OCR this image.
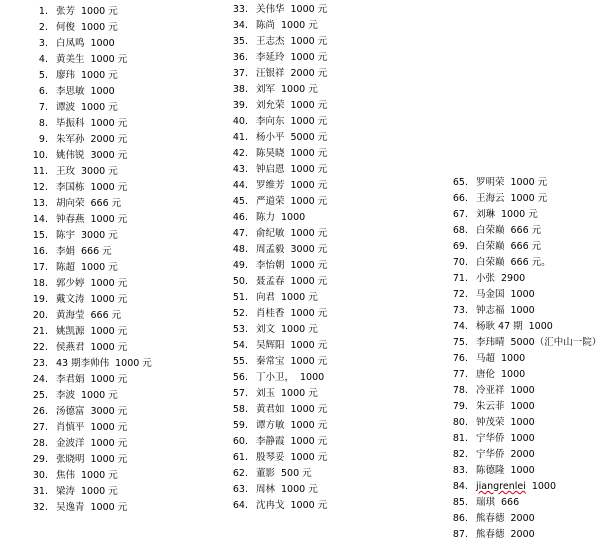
1. 张芳 1000 元
2. 何俊 1000 元
3. 白凤鸣 1000
4. 黄美生 1000 元
5. 廖玮 1000 元
6. 李思敏 1000
7. 谭波 1000 元
8. 毕振科 1000 元
9. 朱军孙 2000 元
10. 姚伟锐 3000 元
11. 王玫 3000 元
12. 李国栋 1000 元
13. 胡向荣 666 元
14. 钟春燕 1000 元
15. 陈宇 3000 元
16. 李娟 666 元
17. 陈超 1000 元
18. 郭少婷 1000 元
19. 戴文涛 1000 元
20. 黄海莹 666 元
21. 姚凯源 1000 元
22. 侯燕君 1000 元
23. 43 期李帅伟 1000 元
24. 李君娟 1000 元
25. 李波 1000 元
26. 汤德富 3000 元
27. 肖慎平 1000 元
28. 金波洋 1000 元
29. 张晓明 1000 元
30. 焦伟 1000 元
31. 梁涛 1000 元
32. 吴逸青 1000 元
33. 关伟华 1000 元
34. 陈尚 1000 元
35. 王志杰 1000 元
36. 李延玲 1000 元
37. 汪银祥 2000 元
38. 刘军 1000 元
39. 刘允荣 1000 元
40. 李向东 1000 元
41. 杨小平 5000 元
42. 陈昊晓 1000 元
43. 钟启恩 1000 元
44. 罗维芳 1000 元
45. 严道荣 1000 元
46. 陈力 1000
47. 俞纪敏 1000 元
48. 周孟毅 3000 元
49. 李怡朝 1000 元
50. 聂孟春 1000 元
51. 向君 1000 元
52. 肖桂香 1000 元
53. 刘文 1000 元
54. 吴辉阳 1000 元
55. 秦常宝 1000 元
56. 丁小卫， 1000
57. 刘玉 1000 元
58. 黄君如 1000 元
59. 谭方敏 1000 元
60. 李静霞 1000 元
61. 殷琴妥 1000 元
62. 董影 500 元
63. 周林 1000 元
64. 沈冉戈 1000 元
65. 罗明荣 1000 元
66. 王海云 1000 元
67. 刘琳 1000 元
68. 白荣巅 666 元
69. 白荣巅 666 元
70. 白荣巅 666 元。
71. 小张 2900
72. 马金国 1000
73. 钟志福 1000
74. 杨耿 47 期 1000
75. 李玮晴 5000（汇中山一院）
76. 马超 1000
77. 唐伦 1000
78. 冷亚祥 1000
79. 朱云菲 1000
80. 钟茂荣 1000
81. 宁华侨 1000
82. 宁华侨 2000
83. 陈德隆 1000
84. jiangrenlei 1000
85. 瑞琪 666
86. 熊春德 2000
87. 熊春德 2000
